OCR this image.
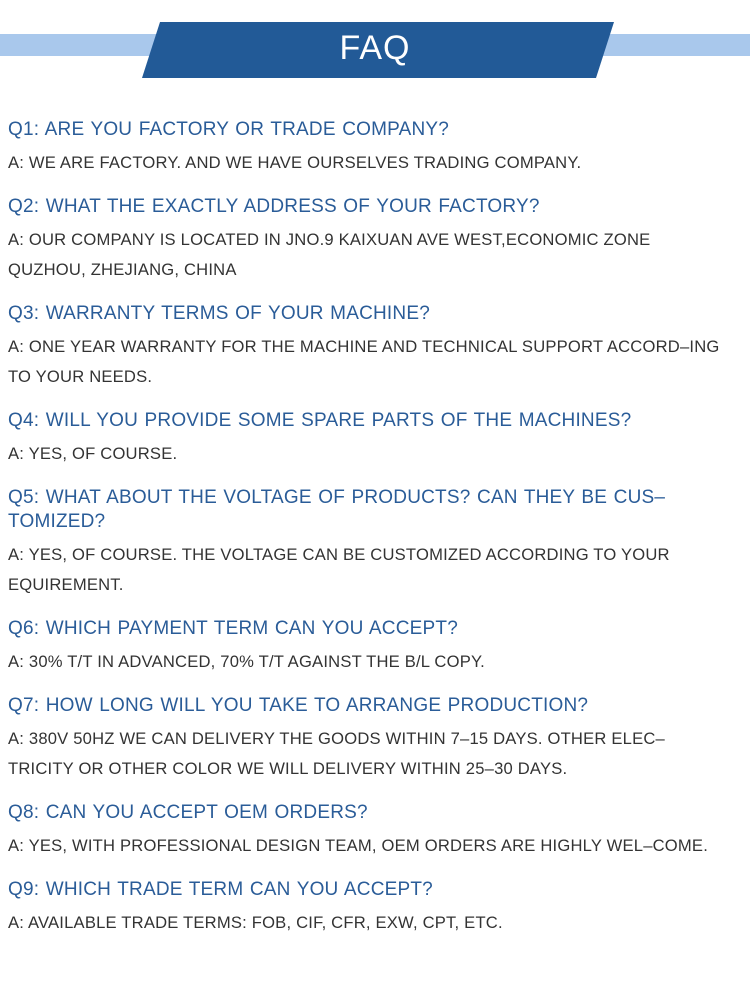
FAQ
Q1: ARE YOU FACTORY OR TRADE COMPANY?
A: WE ARE FACTORY. AND WE HAVE OURSELVES TRADING COMPANY.
Q2: WHAT THE EXACTLY ADDRESS OF YOUR FACTORY?
A: OUR COMPANY IS LOCATED IN JNO.9 KAIXUAN AVE WEST,ECONOMIC ZONE QUZHOU, ZHEJIANG, CHINA
Q3: WARRANTY TERMS OF YOUR MACHINE?
A: ONE YEAR WARRANTY FOR THE MACHINE AND TECHNICAL SUPPORT ACCORD–ING TO YOUR NEEDS.
Q4: WILL YOU PROVIDE SOME SPARE PARTS OF THE MACHINES?
A: YES, OF COURSE.
Q5: WHAT ABOUT THE VOLTAGE OF PRODUCTS? CAN THEY BE CUS–TOMIZED?
A: YES, OF COURSE. THE VOLTAGE CAN BE CUSTOMIZED ACCORDING TO YOUR EQUIREMENT.
Q6: WHICH PAYMENT TERM CAN YOU ACCEPT?
A: 30% T/T IN ADVANCED, 70% T/T AGAINST THE B/L COPY.
Q7: HOW LONG WILL YOU TAKE TO ARRANGE PRODUCTION?
A: 380V 50HZ WE CAN DELIVERY THE GOODS WITHIN 7–15 DAYS. OTHER ELEC–TRICITY OR OTHER COLOR WE WILL DELIVERY WITHIN 25–30 DAYS.
Q8: CAN YOU ACCEPT OEM ORDERS?
A: YES, WITH PROFESSIONAL DESIGN TEAM, OEM ORDERS ARE HIGHLY WEL–COME.
Q9: WHICH TRADE TERM CAN YOU ACCEPT?
A: AVAILABLE TRADE TERMS: FOB, CIF, CFR, EXW, CPT, ETC.
